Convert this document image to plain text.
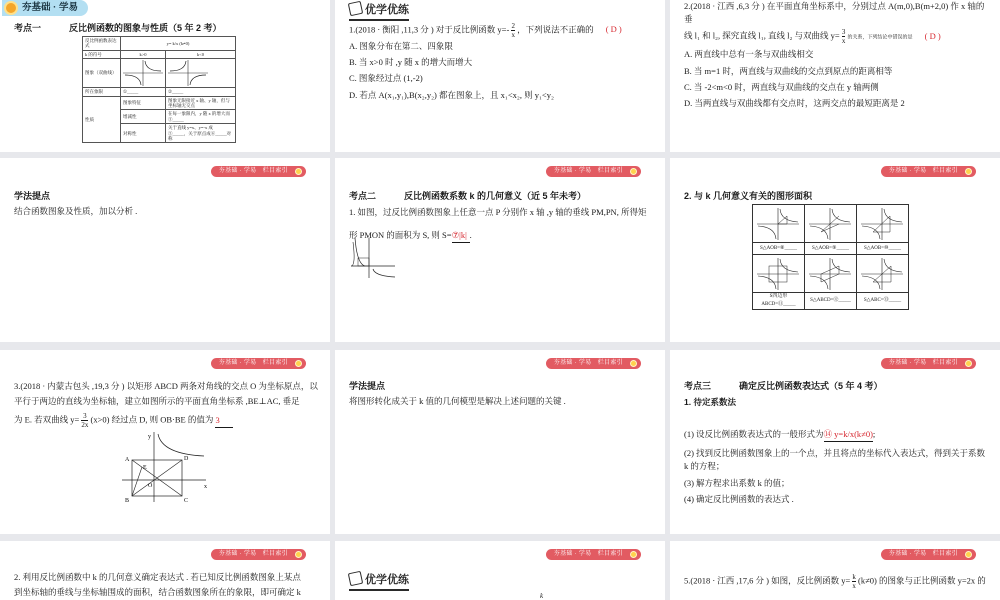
夯基础 · 学易
考点一	反比例函数的图象与性质（5 年 2 考）
反比例函数表达式	y= k/x (k≠0)	
k 的符号	k>0	k<0
图象（双曲线）	

所在象限	①_____	②_____
性质	图象特征	图象无限接近 x 轴、y 轴，但与坐标轴无交点
	增减性	在每一象限内，y 随 x 的增大而③_____
	对称性	关于直线 y=x、y=-x 成⑤_____，关于原点成⑥_____对称
优学优练
1.(2018 · 衡阳 ,11,3 分 ) 对于反比例函数 $y=- \frac{2}{x}$ ，下列说法不正确的 ( D )
A. 图象分布在第二、四象限
B. 当 x>0 时 ,y 随 x 的增大而增大
C. 图象经过点 (1,-2)
D. 若点 A(x₁,y₁),B(x₂,y₂) 都在图象上，且 x₁<x₂, 则 y₁<y₂
2.(2018 · 江西 ,6,3 分 ) 在平面直角坐标系中，分别过点 A(m,0),B(m+2,0) 作 x 轴的垂
线 l₁ 和 l₂, 探究直线 l₁, 直线 l₂ 与双曲线 $y= \frac{3}{x}$ 的关系，下列结论中错误的是 ( D )
A. 两直线中总有一条与双曲线相交
B. 当 m=1 时，两直线与双曲线的交点到原点的距离相等
C. 当 -2<m<0 时，两直线与双曲线的交点在 y 轴两侧
D. 当两直线与双曲线都有交点时，这两交点的最短距离是 2
夯基础 · 学易　栏目索引
学法提点
结合函数图象及性质，加以分析 .
夯基础 · 学易　栏目索引
考点二	反比例函数系数 k 的几何意义（近 5 年未考）
1. 如图，过反比例函数图象上任意一点 P 分别作 x 轴 ,y 轴的垂线 PM,PN, 所得矩
形 PMON 的面积为 S, 则 S=⑦|k| .
夯基础 · 学易　栏目索引
2. 与 k 几何意义有关的图形面积

S△AOB=⑧_____	S△AOB=⑨_____	S△AOB=⑩_____

S四边形ABCD=⑪_____	S△ABCD=⑫_____	S△ABC=⑬_____
夯基础 · 学易　栏目索引
3.(2018 · 内蒙古包头 ,19,3 分 ) 以矩形 ABCD 两条对角线的交点 O 为坐标原点，以
平行于两边的直线为坐标轴，建立如图所示的平面直角坐标系 ,BE⊥AC, 垂足
为 E. 若双曲线 $y= \frac{3}{2x} (x>0)$ 经过点 D, 则 OB·BE 的值为 3
A
B	C
D
E
O	x
y
夯基础 · 学易　栏目索引
学法提点
将图形转化成关于 k 值的几何模型是解决上述问题的关键 .
夯基础 · 学易　栏目索引
考点三	确定反比例函数表达式（5 年 4 考）
1. 待定系数法
(1) 设反比例函数表达式的一般形式为⑭ y=k/x(k≠0);
(2) 找到反比例函数图象上的一个点，并且将点的坐标代入表达式，得到关于系数 k 的方程；
(3) 解方程求出系数 k 的值；
(4) 确定反比例函数的表达式 .
夯基础 · 学易　栏目索引
2. 利用反比例函数中 k 的几何意义确定表达式 . 若已知反比例函数图象上某点
到坐标轴的垂线与坐标轴围成的面积，结合函数图象所在的象限，即可确定 k
夯基础 · 学易　栏目索引
优学优练
k
夯基础 · 学易　栏目索引
5.(2018 · 江西 ,17,6 分 ) 如图，反比例函数 $y= \frac{k}{x} (k\ne 0)$ 的图象与正比例函数 y=2x 的
